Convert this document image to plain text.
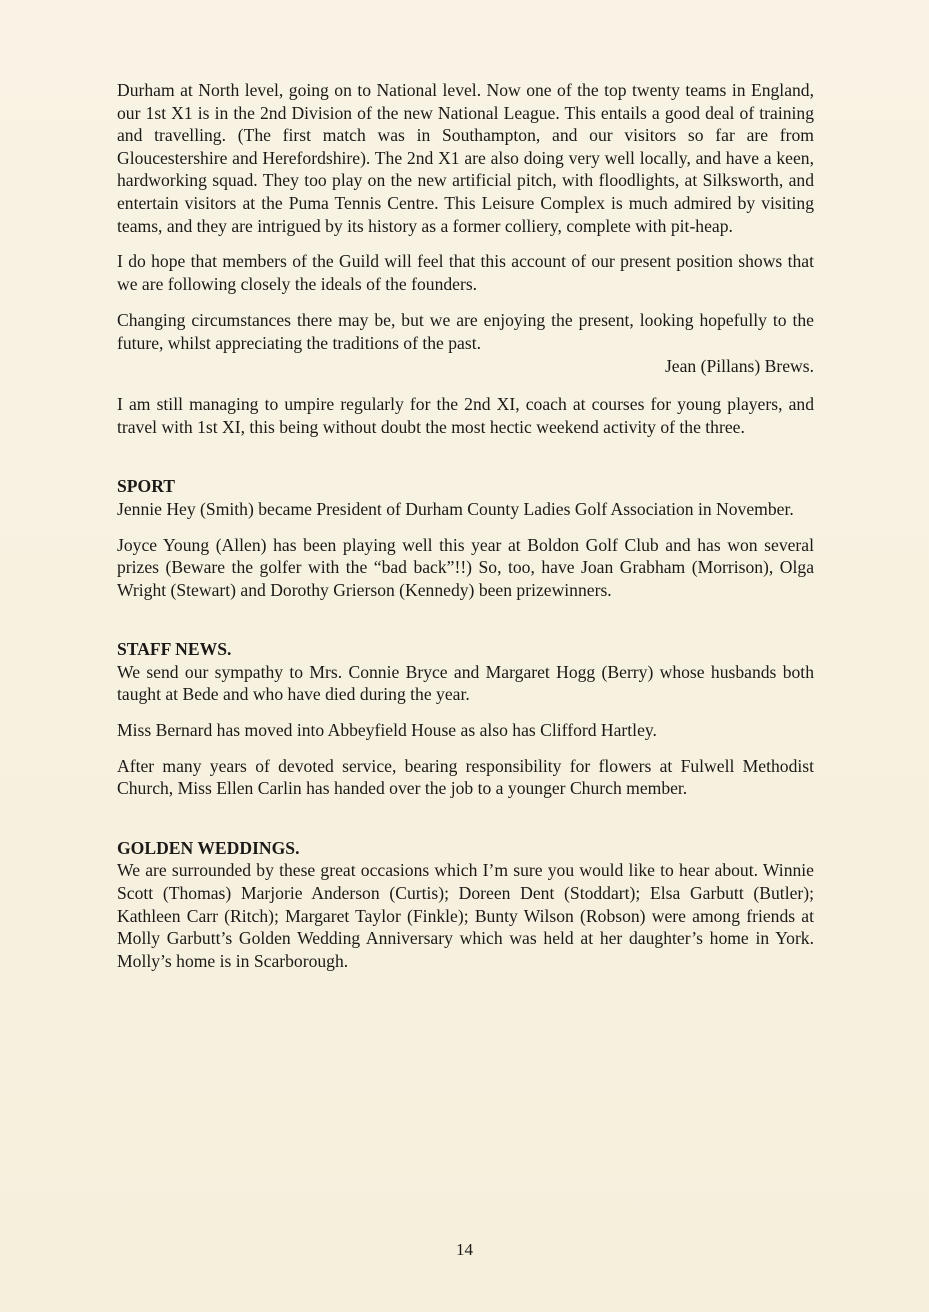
Durham at North level, going on to National level. Now one of the top twenty teams in England, our 1st X1 is in the 2nd Division of the new National League. This entails a good deal of training and travelling. (The first match was in Southampton, and our visitors so far are from Gloucestershire and Herefordshire). The 2nd X1 are also doing very well locally, and have a keen, hardworking squad. They too play on the new artificial pitch, with floodlights, at Silksworth, and entertain visitors at the Puma Tennis Centre. This Leisure Complex is much admired by visiting teams, and they are intrigued by its history as a former colliery, complete with pit-heap.

I do hope that members of the Guild will feel that this account of our present position shows that we are following closely the ideals of the founders.

Changing circumstances there may be, but we are enjoying the present, looking hopefully to the future, whilst appreciating the traditions of the past.

Jean (Pillans) Brews.

I am still managing to umpire regularly for the 2nd XI, coach at courses for young players, and travel with 1st XI, this being without doubt the most hectic weekend activity of the three.

SPORT

Jennie Hey (Smith) became President of Durham County Ladies Golf Association in November.

Joyce Young (Allen) has been playing well this year at Boldon Golf Club and has won several prizes (Beware the golfer with the “bad back”!!) So, too, have Joan Grabham (Morrison), Olga Wright (Stewart) and Dorothy Grierson (Kennedy) been prizewinners.

STAFF NEWS.

We send our sympathy to Mrs. Connie Bryce and Margaret Hogg (Berry) whose husbands both taught at Bede and who have died during the year.

Miss Bernard has moved into Abbeyfield House as also has Clifford Hartley.

After many years of devoted service, bearing responsibility for flowers at Fulwell Methodist Church, Miss Ellen Carlin has handed over the job to a younger Church member.

GOLDEN WEDDINGS.

We are surrounded by these great occasions which I’m sure you would like to hear about. Winnie Scott (Thomas) Marjorie Anderson (Curtis); Doreen Dent (Stoddart); Elsa Garbutt (Butler); Kathleen Carr (Ritch); Margaret Taylor (Finkle); Bunty Wilson (Robson) were among friends at Molly Garbutt’s Golden Wedding Anniversary which was held at her daughter’s home in York. Molly’s home is in Scarborough.

14
